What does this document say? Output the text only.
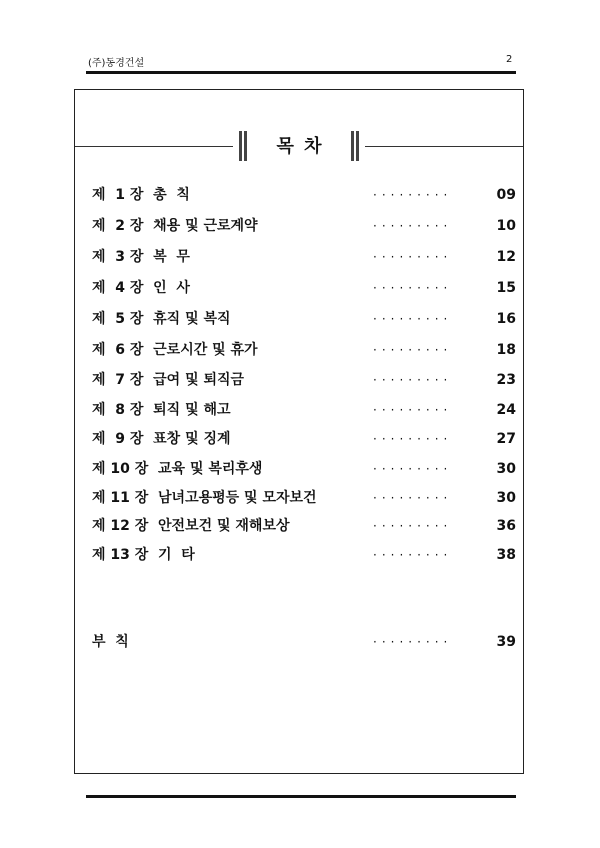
(주)동경건설	2
목 차
제  1 장  총  칙	·········	09
제  2 장  채용 및 근로계약	·········	10
제  3 장  복  무	·········	12
제  4 장  인  사	·········	15
제  5 장  휴직 및 복직	·········	16
제  6 장  근로시간 및 휴가	·········	18
제  7 장  급여 및 퇴직금	·········	23
제  8 장  퇴직 및 해고	·········	24
제  9 장  표창 및 징계	·········	27
제 10 장  교육 및 복리후생	·········	30
제 11 장  남녀고용평등 및 모자보건	·········	30
제 12 장  안전보건 및 재해보상	·········	36
제 13 장  기  타	·········	38
부  칙	·········	39
